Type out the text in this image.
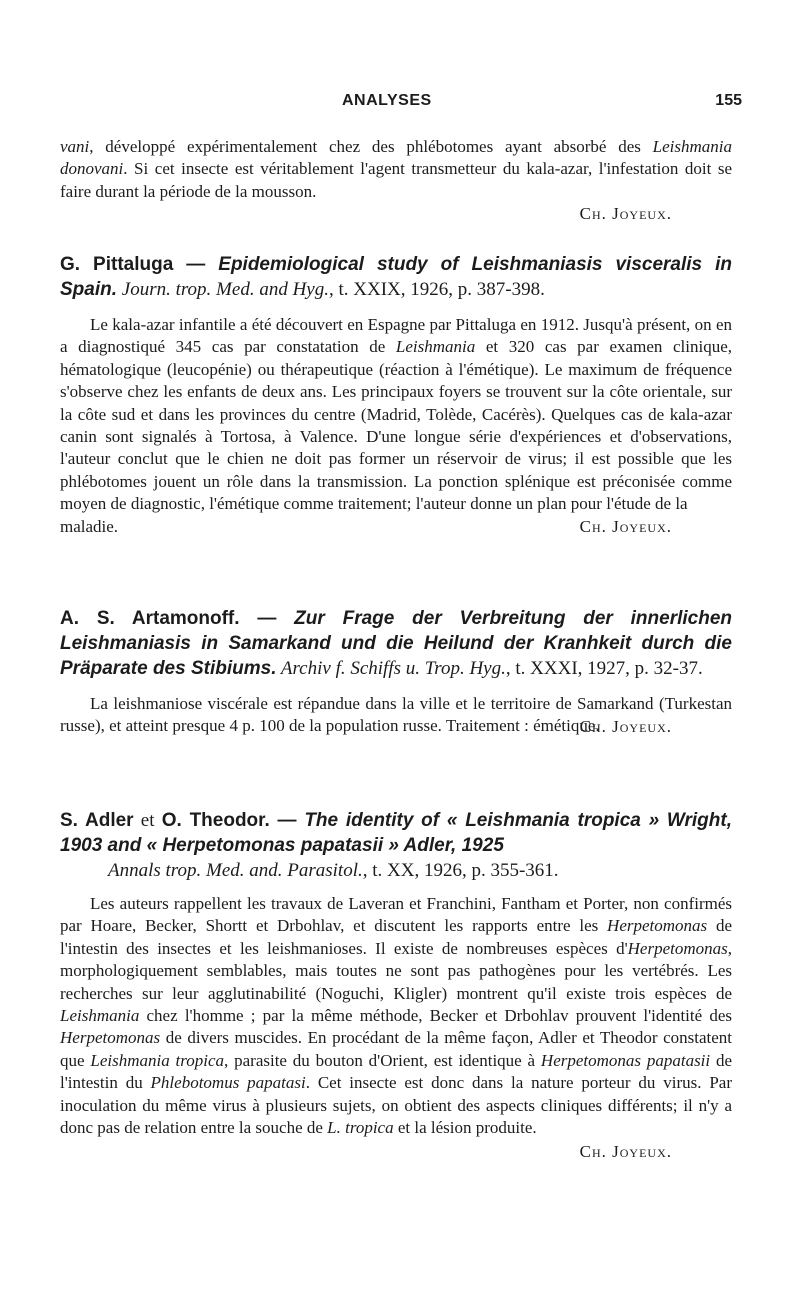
ANALYSES	155

vani, développé expérimentalement chez des phlébotomes ayant absorbé des Leishmania donovani. Si cet insecte est véritablement l'agent transmetteur du kala-azar, l'infestation doit se faire durant la période de la mousson.

Ch. Joyeux.

G. Pittaluga — Epidemiological study of Leishmaniasis visceralis in Spain. Journ. trop. Med. and Hyg., t. XXIX, 1926, p. 387-398.

Le kala-azar infantile a été découvert en Espagne par Pittaluga en 1912. Jusqu'à présent, on en a diagnostiqué 345 cas par constatation de Leishmania et 320 cas par examen clinique, hématologique (leucopénie) ou thérapeutique (réaction à l'émétique). Le maximum de fréquence s'observe chez les enfants de deux ans. Les principaux foyers se trouvent sur la côte orientale, sur la côte sud et dans les provinces du centre (Madrid, Tolède, Cacérès). Quelques cas de kala-azar canin sont signalés à Tortosa, à Valence. D'une longue série d'expériences et d'observations, l'auteur conclut que le chien ne doit pas former un réservoir de virus; il est possible que les phlébotomes jouent un rôle dans la transmission. La ponction splénique est préconisée comme moyen de diagnostic, l'émétique comme traitement; l'auteur donne un plan pour l'étude de la

maladie.	Ch. Joyeux.

A. S. Artamonoff. — Zur Frage der Verbreitung der innerlichen Leishmaniasis in Samarkand und die Heilund der Kranhkeit durch die Präparate des Stibiums. Archiv f. Schiffs u. Trop. Hyg., t. XXXI, 1927, p. 32-37.

La leishmaniose viscérale est répandue dans la ville et le territoire de Samarkand (Turkestan russe), et atteint presque 4 p. 100 de la population russe. Traitement : émétique.

Ch. Joyeux.

S. Adler et O. Theodor. — The identity of « Leishmania tropica » Wright, 1903 and « Herpetomonas papatasii » Adler, 1925
Annals trop. Med. and. Parasitol., t. XX, 1926, p. 355-361.

Les auteurs rappellent les travaux de Laveran et Franchini, Fantham et Porter, non confirmés par Hoare, Becker, Shortt et Drbohlav, et discutent les rapports entre les Herpetomonas de l'intestin des insectes et les leishmanioses. Il existe de nombreuses espèces d'Herpetomonas, morphologiquement semblables, mais toutes ne sont pas pathogènes pour les vertébrés. Les recherches sur leur agglutinabilité (Noguchi, Kligler) montrent qu'il existe trois espèces de Leishmania chez l'homme ; par la même méthode, Becker et Drbohlav prouvent l'identité des Herpetomonas de divers muscides. En procédant de la même façon, Adler et Theodor constatent que Leishmania tropica, parasite du bouton d'Orient, est identique à Herpetomonas papatasii de l'intestin du Phlebotomus papatasi. Cet insecte est donc dans la nature porteur du virus. Par inoculation du même virus à plusieurs sujets, on obtient des aspects cliniques différents; il n'y a donc pas de relation entre la souche de L. tropica et la lésion produite.

Ch. Joyeux.
